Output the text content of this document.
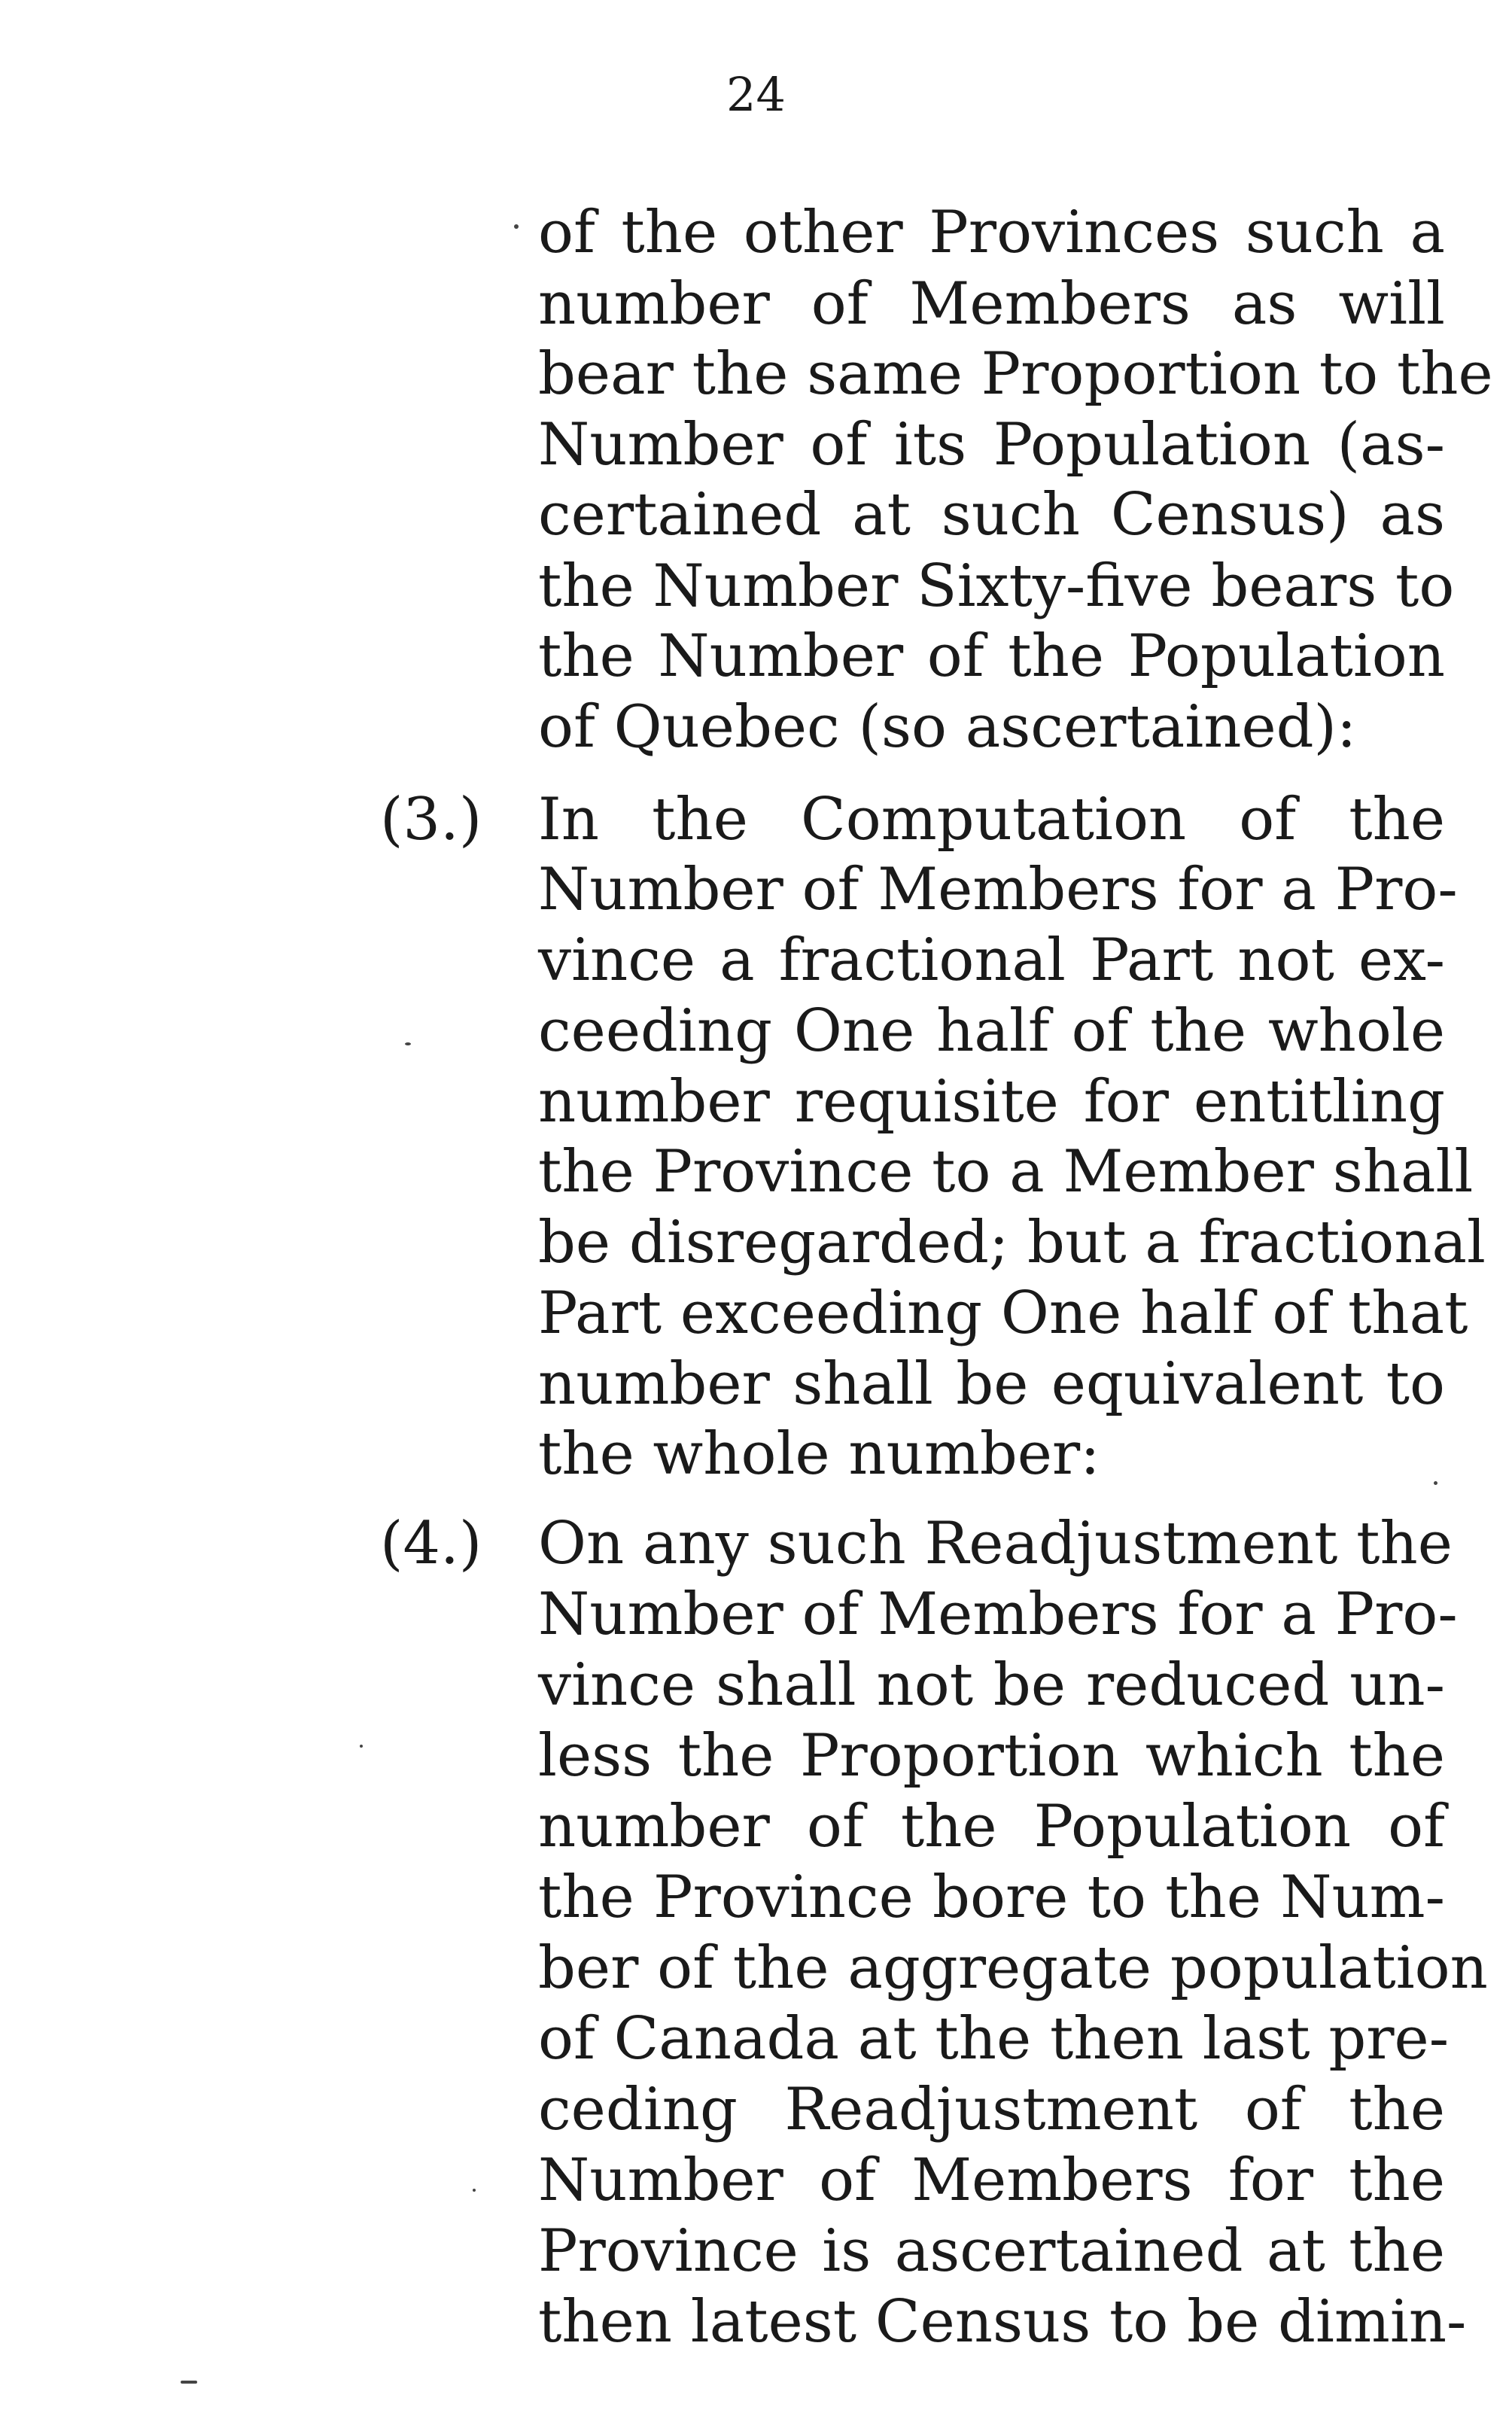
24
(3.)
(4.)
of the other Provinces such a
number of Members as will
bear the same Proportion to the
Number of its Population (as-
certained at such Census) as
the Number Sixty-five bears to
the Number of the Population
of Quebec (so ascertained):
In the Computation of the
Number of Members for a Pro-
vince a fractional Part not ex-
ceeding One half of the whole
number requisite for entitling
the Province to a Member shall
be disregarded; but a fractional
Part exceeding One half of that
number shall be equivalent to
the whole number:
On any such Readjustment the
Number of Members for a Pro-
vince shall not be reduced un-
less the Proportion which the
number of the Population of
the Province bore to the Num-
ber of the aggregate population
of Canada at the then last pre-
ceding Readjustment of the
Number of Members for the
Province is ascertained at the
then latest Census to be dimin-
